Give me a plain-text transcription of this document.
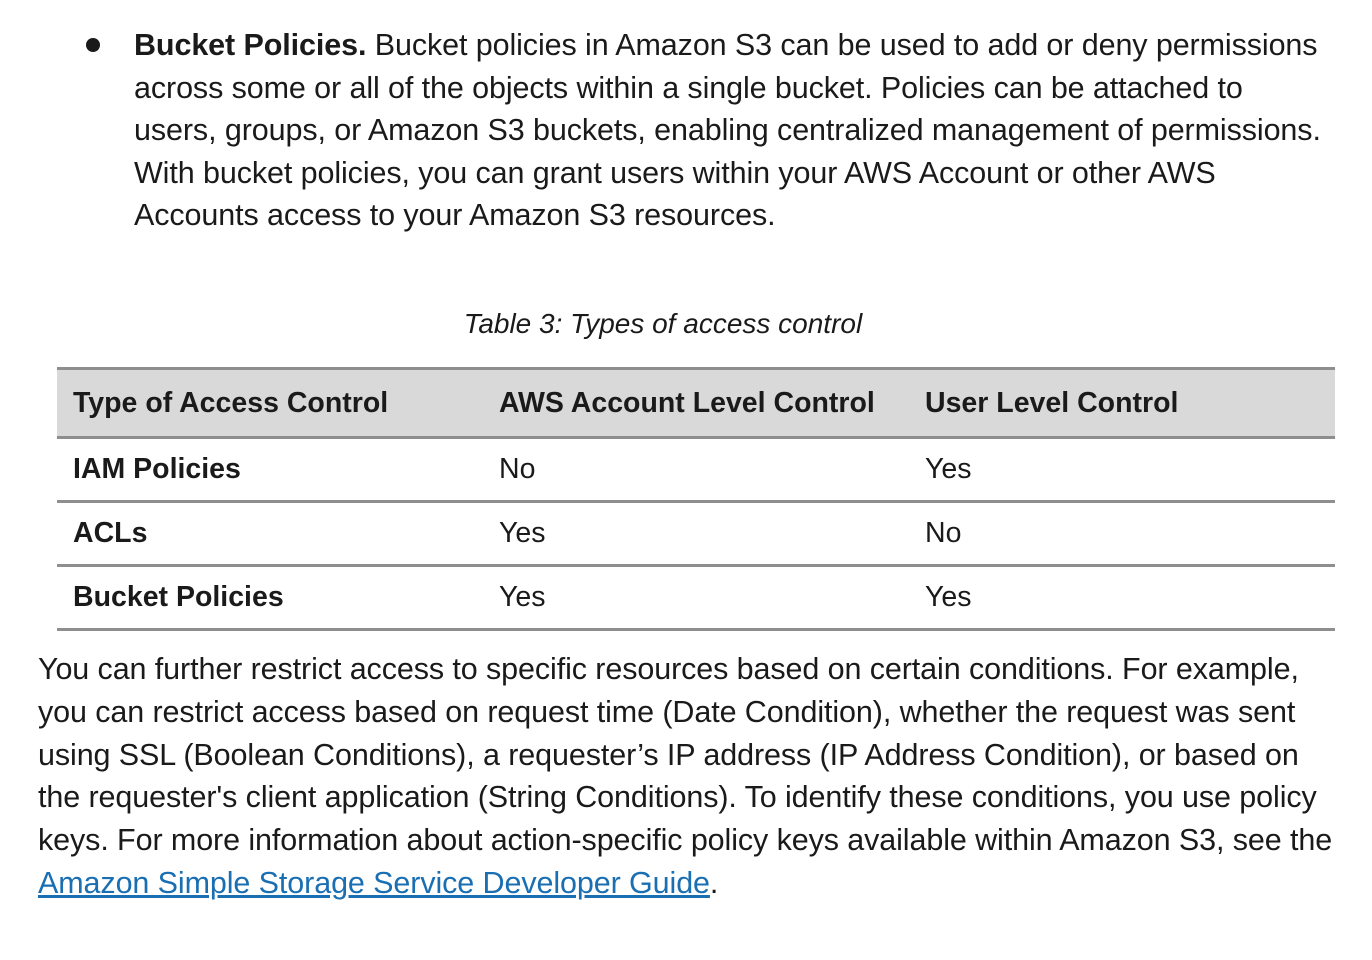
Bucket Policies. Bucket policies in Amazon S3 can be used to add or deny permissions across some or all of the objects within a single bucket. Policies can be attached to users, groups, or Amazon S3 buckets, enabling centralized management of permissions. With bucket policies, you can grant users within your AWS Account or other AWS Accounts access to your Amazon S3 resources.

Table 3: Types of access control
Type of Access Control	AWS Account Level Control	User Level Control
IAM Policies	No	Yes
ACLs	Yes	No
Bucket Policies	Yes	Yes

You can further restrict access to specific resources based on certain conditions. For example, you can restrict access based on request time (Date Condition), whether the request was sent using SSL (Boolean Conditions), a requester’s IP address (IP Address Condition), or based on the requester's client application (String Conditions). To identify these conditions, you use policy keys. For more information about action-specific policy keys available within Amazon S3, see the Amazon Simple Storage Service Developer Guide.
